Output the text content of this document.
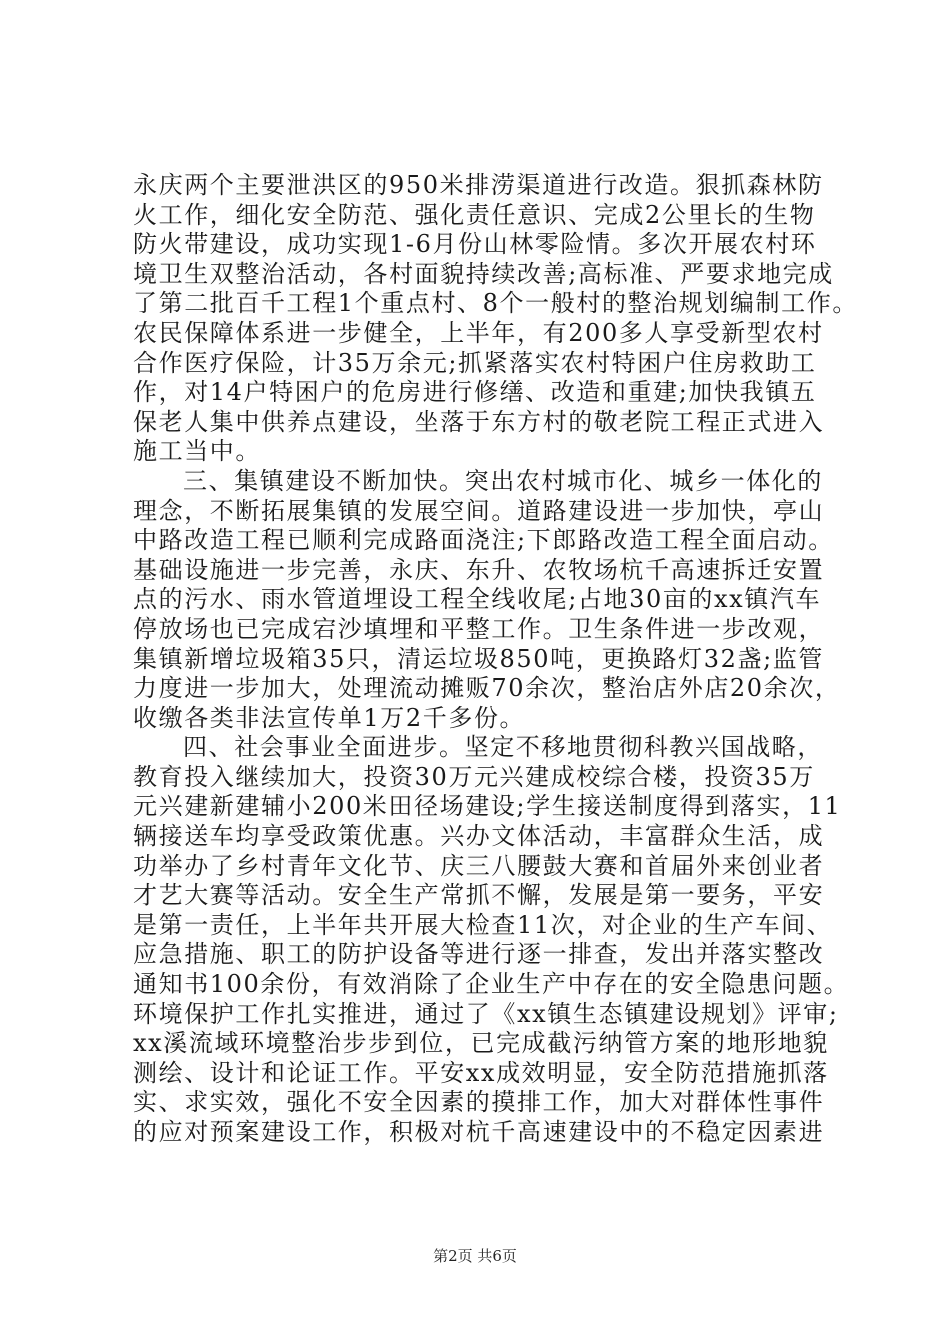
永庆两个主要泄洪区的950米排涝渠道进行改造。狠抓森林防
火工作，细化安全防范、强化责任意识、完成2公里长的生物
防火带建设，成功实现1-6月份山林零险情。多次开展农村环
境卫生双整治活动，各村面貌持续改善;高标准、严要求地完成
了第二批百千工程1个重点村、8个一般村的整治规划编制工作。
农民保障体系进一步健全，上半年，有200多人享受新型农村
合作医疗保险，计35万余元;抓紧落实农村特困户住房救助工
作，对14户特困户的危房进行修缮、改造和重建;加快我镇五
保老人集中供养点建设，坐落于东方村的敬老院工程正式进入
施工当中。
三、集镇建设不断加快。突出农村城市化、城乡一体化的
理念，不断拓展集镇的发展空间。道路建设进一步加快，亭山
中路改造工程已顺利完成路面浇注;下郎路改造工程全面启动。
基础设施进一步完善，永庆、东升、农牧场杭千高速拆迁安置
点的污水、雨水管道埋设工程全线收尾;占地30亩的xx镇汽车
停放场也已完成宕沙填埋和平整工作。卫生条件进一步改观，
集镇新增垃圾箱35只，清运垃圾850吨，更换路灯32盏;监管
力度进一步加大，处理流动摊贩70余次，整治店外店20余次，
收缴各类非法宣传单1万2千多份。
四、社会事业全面进步。坚定不移地贯彻科教兴国战略，
教育投入继续加大，投资30万元兴建成校综合楼，投资35万
元兴建新建辅小200米田径场建设;学生接送制度得到落实，11
辆接送车均享受政策优惠。兴办文体活动，丰富群众生活，成
功举办了乡村青年文化节、庆三八腰鼓大赛和首届外来创业者
才艺大赛等活动。安全生产常抓不懈，发展是第一要务，平安
是第一责任，上半年共开展大检查11次，对企业的生产车间、
应急措施、职工的防护设备等进行逐一排查，发出并落实整改
通知书100余份，有效消除了企业生产中存在的安全隐患问题。
环境保护工作扎实推进，通过了《xx镇生态镇建设规划》评审;
xx溪流域环境整治步步到位，已完成截污纳管方案的地形地貌
测绘、设计和论证工作。平安xx成效明显，安全防范措施抓落
实、求实效，强化不安全因素的摸排工作，加大对群体性事件
的应对预案建设工作，积极对杭千高速建设中的不稳定因素进
第2页 共6页
